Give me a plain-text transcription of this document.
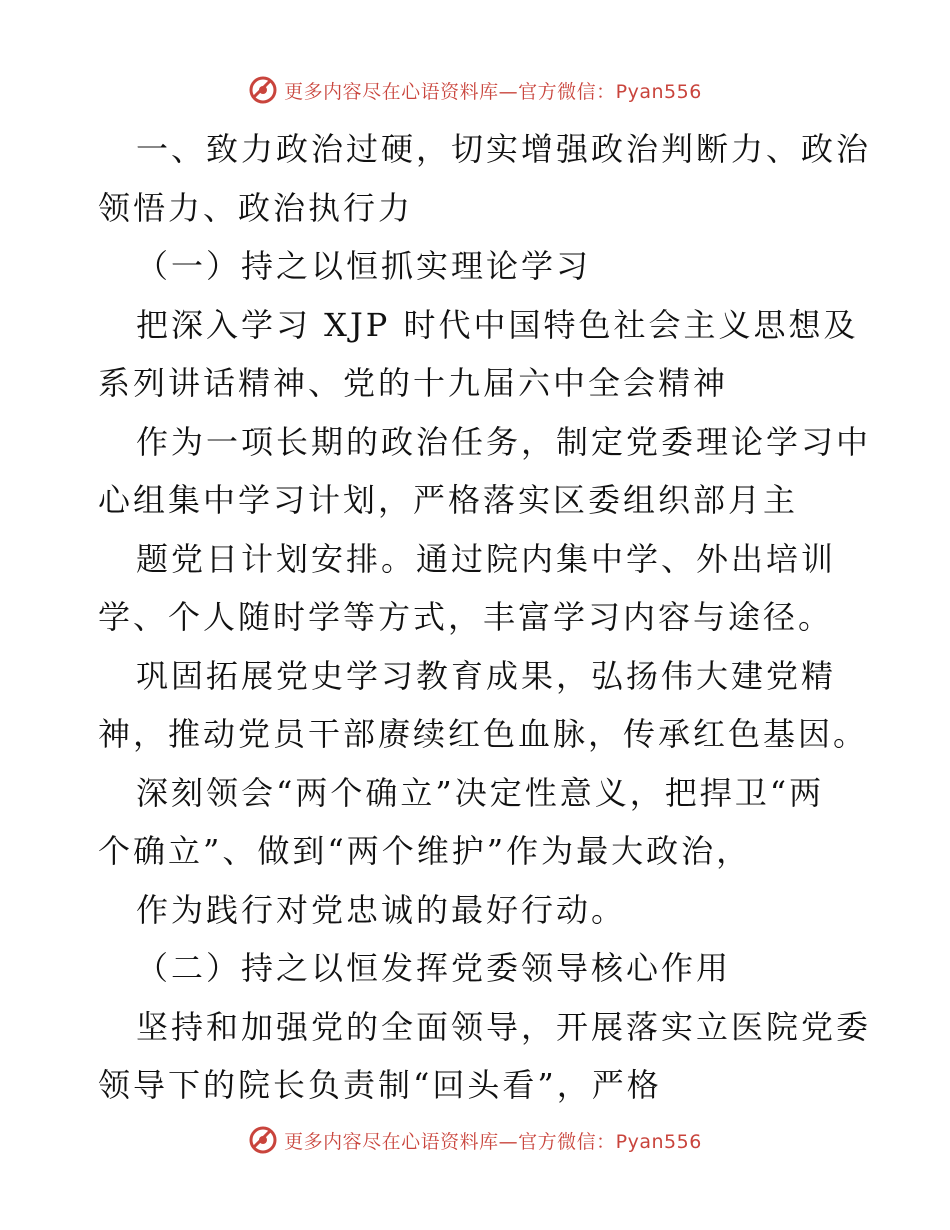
更多内容尽在心语资料库—官方微信：Pyan556
一、致力政治过硬，切实增强政治判断力、政治
领悟力、政治执行力
（一）持之以恒抓实理论学习
把深入学习 XJP 时代中国特色社会主义思想及
系列讲话精神、党的十九届六中全会精神
作为一项长期的政治任务，制定党委理论学习中
心组集中学习计划，严格落实区委组织部月主
题党日计划安排。通过院内集中学、外出培训
学、个人随时学等方式，丰富学习内容与途径。
巩固拓展党史学习教育成果，弘扬伟大建党精
神，推动党员干部赓续红色血脉，传承红色基因。
深刻领会“两个确立”决定性意义，把捍卫“两
个确立”、做到“两个维护”作为最大政治，
作为践行对党忠诚的最好行动。
（二）持之以恒发挥党委领导核心作用
坚持和加强党的全面领导，开展落实立医院党委
领导下的院长负责制“回头看”，严格
更多内容尽在心语资料库—官方微信：Pyan556
